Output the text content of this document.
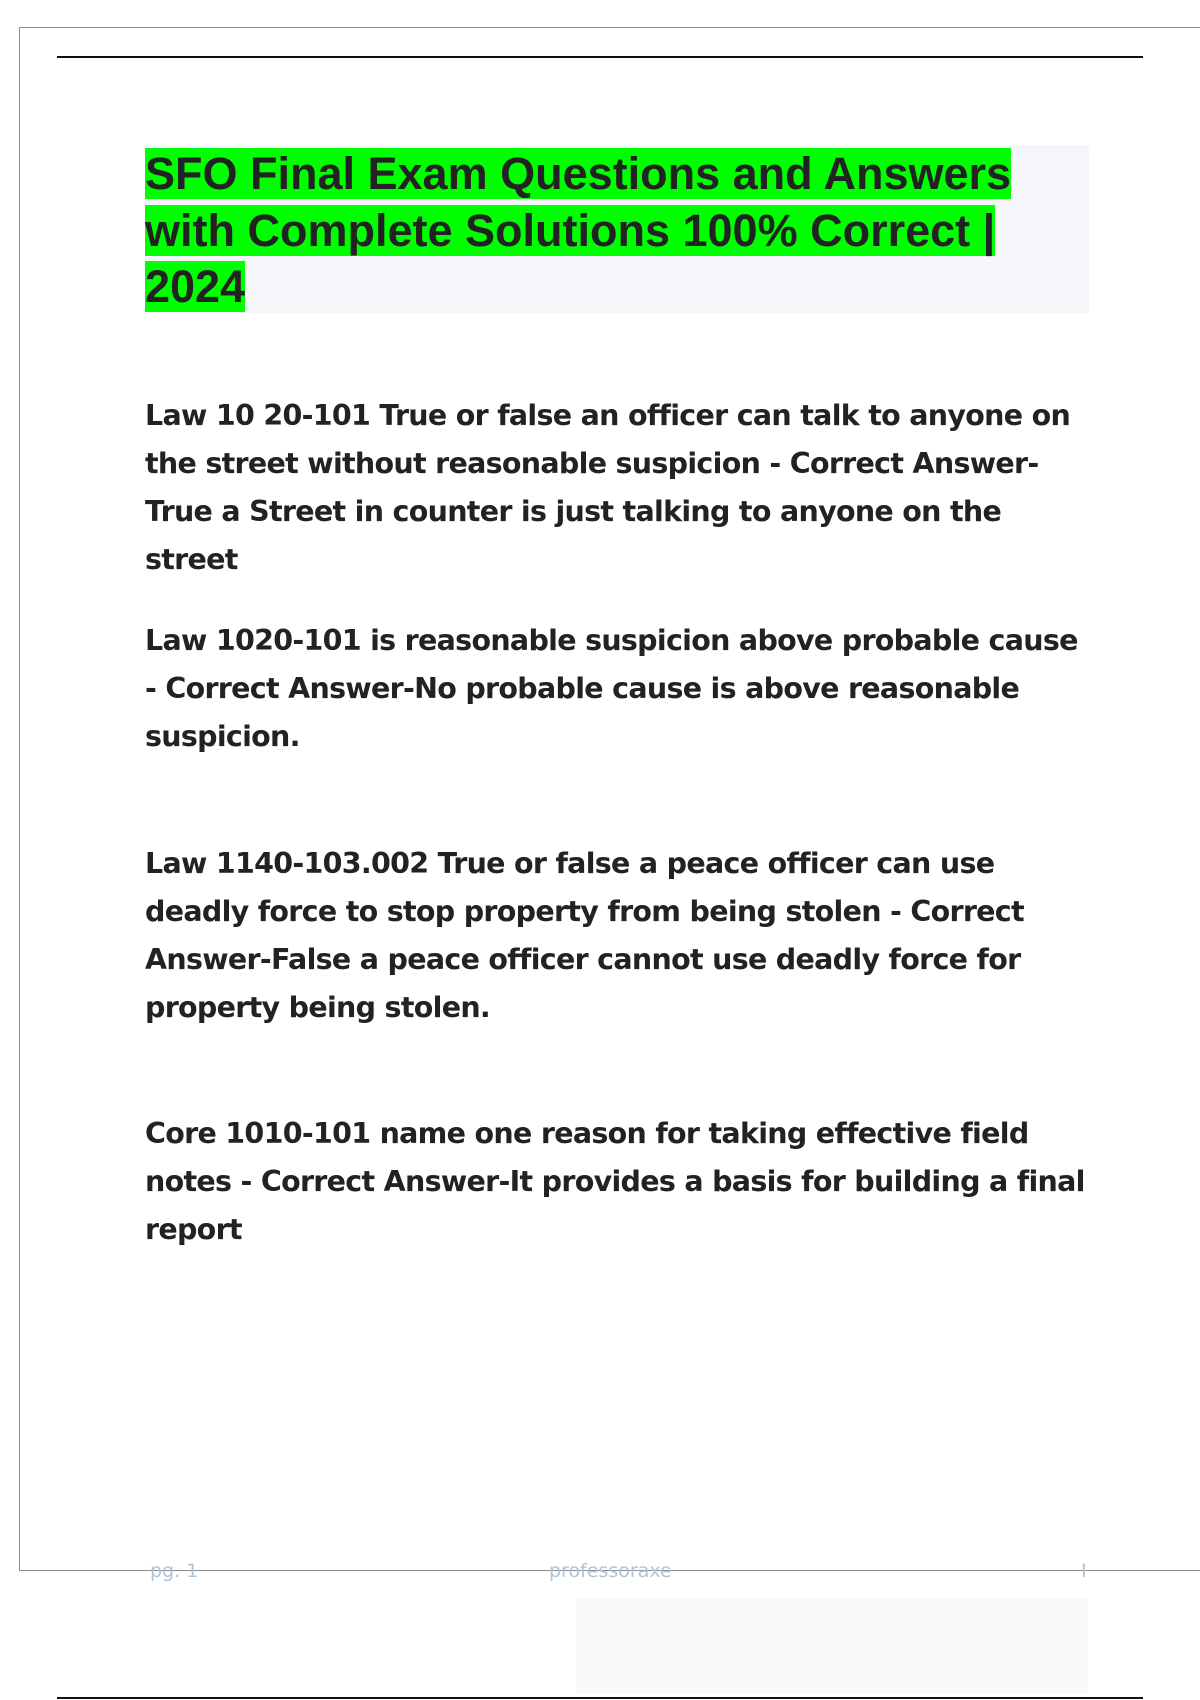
SFO Final Exam Questions and Answers with Complete Solutions 100% Correct | 2024

Law 10 20-101 True or false an officer can talk to anyone on the street without reasonable suspicion - Correct Answer-True a Street in counter is just talking to anyone on the street

Law 1020-101 is reasonable suspicion above probable cause - Correct Answer-No probable cause is above reasonable suspicion.

Law 1140-103.002 True or false a peace officer can use deadly force to stop property from being stolen - Correct Answer-False a peace officer cannot use deadly force for property being stolen.

Core 1010-101 name one reason for taking effective field notes - Correct Answer-It provides a basis for building a final report

pg. 1	professoraxe	I
